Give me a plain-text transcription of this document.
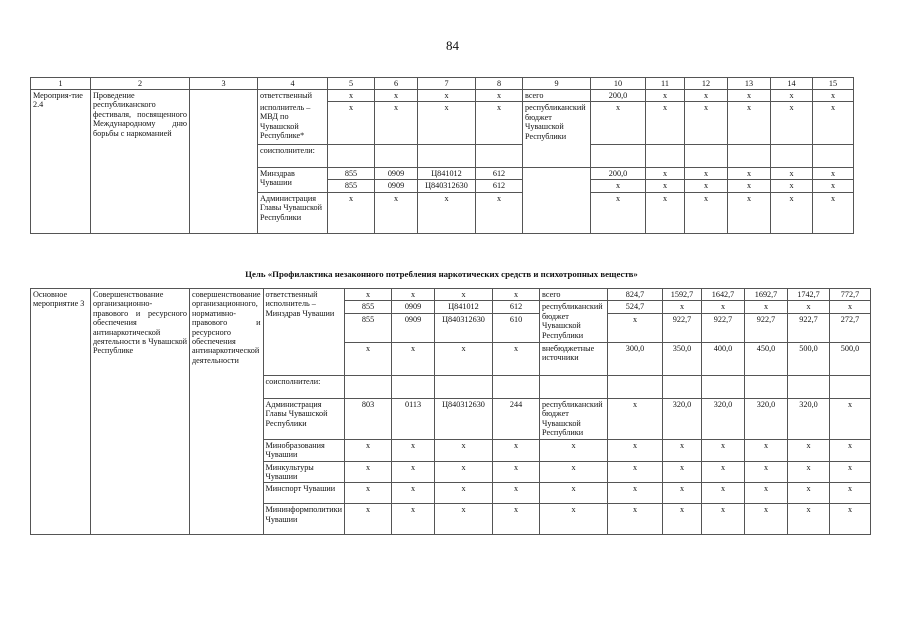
84
1	2	3	4	5	6	7	8	9	10	11	12	13	14	15
Мероприя-тие 2.4	Проведение республиканского фестиваля, посвященного Международному дню борьбы с наркоманией		ответственный	x	x	x	x	всего	200,0	x	x	x	x	x
			исполнитель – МВД по Чувашской Республике*	x	x	x	x	республиканский бюджет Чувашской Республики	x	x	x	x	x	x
			соисполнители:											
			Минздрав Чувашии	855	0909	Ц841012	612		200,0	x	x	x	x	x
				855	0909	Ц840312630	612		x	x	x	x	x	x
			Администрация Главы Чувашской Республики	x	x	x	x		x	x	x	x	x	x
Цель «Профилактика незаконного потребления наркотических средств и психотропных веществ»
Основное мероприятие 3	Совершенствование организационно-правового и ресурсного обеспечения антинаркотической деятельности в Чувашской Республике	совершенствование организационного, нормативно-правового и ресурсного обеспечения антинаркотической деятельности	ответственный исполнитель – Минздрав Чувашии	x	x	x	x	всего	824,7	1592,7	1642,7	1692,7	1742,7	772,7
				855	0909	Ц841012	612	республиканский бюджет Чувашской Республики	524,7	x	x	x	x	x
				855	0909	Ц840312630	610		x	922,7	922,7	922,7	922,7	272,7
				x	x	x	x	внебюджетные источники	300,0	350,0	400,0	450,0	500,0	500,0
			соисполнители:											
			Администрация Главы Чувашской Республики	803	0113	Ц840312630	244	республиканский бюджет Чувашской Республики	x	320,0	320,0	320,0	320,0	x
			Минобразования Чувашии	x	x	x	x	x	x	x	x	x	x	x
			Минкультуры Чувашии	x	x	x	x	x	x	x	x	x	x	x
			Минспорт Чувашии	x	x	x	x	x	x	x	x	x	x	x
			Мининформполитики Чувашии	x	x	x	x	x	x	x	x	x	x	x
